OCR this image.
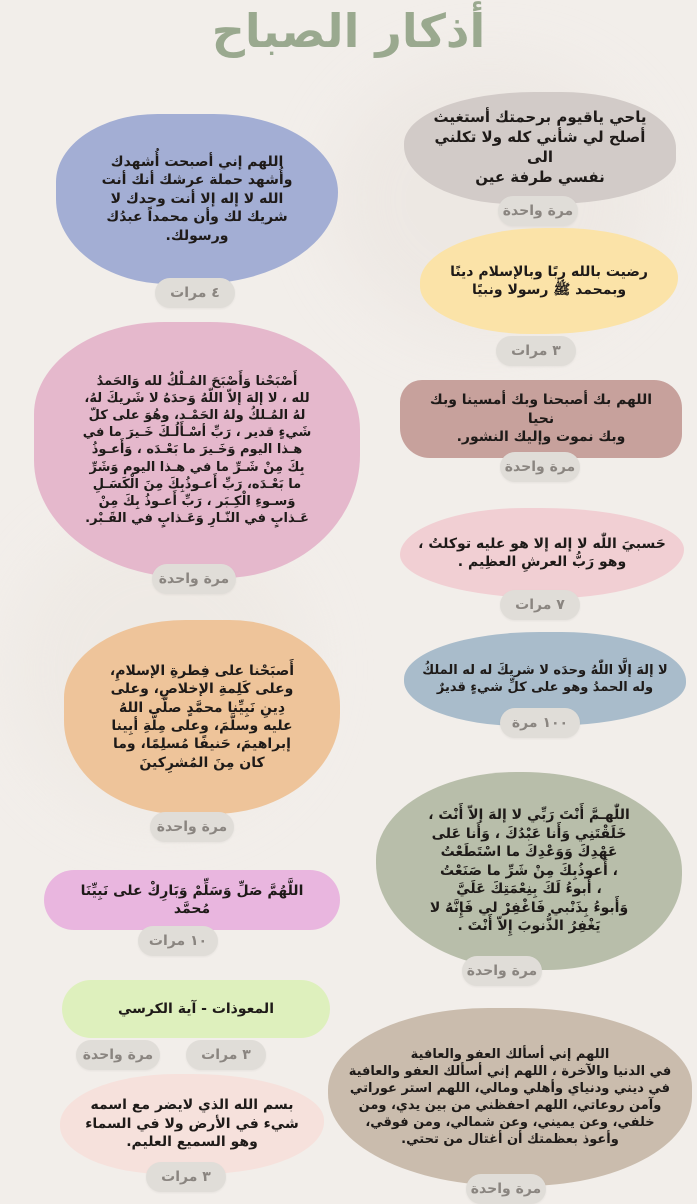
أذكار الصباح
ياحي ياقيوم برحمتك أستغيث
أصلح لي شأني كله ولا تكلني الى
نفسي طرفة عين
مرة واحدة
رضيت بالله ربًا وبالإسلام دينًا
وبمحمد ﷺ رسولا ونبيًا
٣ مرات
اللهم بك أصبحنا وبك أمسينا وبك نحيا
وبك نموت وإليك النشور.
مرة واحدة
حَسبيَ اللّٰه لا إله إلا هو عليه توكلتُ ،
وهو رَبُّ العرشِ العظِيم .
٧ مرات
لا إلهَ إلَّا اللّٰهُ وحدَه لا شريكَ له له الملكُ
وله الحمدُ وهو على كلِّ شيءٍ قديرٌ
١٠٠ مرة
اللّٰهـمَّ أَنْتَ رَبِّي لا إلهَ إلاّ أَنْتَ ،
خَلَقْتَنِي وَأَنا عَبْدُكَ ، وَأَنا عَلى
عَهْدِكَ وَوَعْدِكَ ما اسْتَطَعْتُ
، أَعوذُبِكَ مِنْ شَرِّ ما صَنَعْتُ
، أَبوءُ لَكَ بِنِعْمَتِكَ عَلَيَّ
وَأَبوءُ بِذَنْبي فَاغْفِرْ لي فَإِنَّهُ لا
يَغْفِرُ الذُّنوبَ إِلاّ أَنْتَ .
مرة واحدة
اللهم إني أسألك العفو والعافية
في الدنيا والآخرة ، اللهم إني أسألك العفو والعافية
في ديني ودنياي وأهلي ومالي، اللهم استر عوراتي
وآمن روعاتي، اللهم احفظني من بين يدي، ومن
خلفي، وعن يميني، وعن شمالي، ومن فوقي،
وأعوذ بعظمتك أن أغتال من تحتي.
مرة واحدة
اللهم إني أصبحت أُشهدك
وأُشهد حملة عرشك أنك أنت
الله لا إله إلا أنت وحدك لا
شريك لك وأن محمداً عبدُك
ورسولك.
٤ مرات
أَصْبَحْنا وَأَصْبَحَ المُـلْكُ لله وَالحَمدُ
لله ، لا إلهَ إلاّ اللّهُ وَحدَهُ لا شَريكَ لهُ،
لهُ المُـلكُ ولهُ الحَمْـد، وهُوَ على كلّ
شَيءٍ قدير ، رَبِّ أسْـأَلُـكَ خَـيرَ ما في
هـذا اليوم وَخَـيرَ ما بَعْـدَه ، وَأَعـوذُ
بِكَ مِنْ شَـرِّ ما في هـذا اليوم وَشَرِّ
ما بَعْـدَه، رَبِّ أَعـوذُبِكَ مِنَ الْكَسَـلِ
وَسـوءِ الْكِـبَر ، رَبِّ أَعـوذُ بِكَ مِنْ
عَـذابٍ في النّـارِ وَعَـذابٍ في القَـبْر.
مرة واحدة
أَصبَحْنا على فِطرةِ الإسلامِ،
وعلى كَلِمةِ الإخلاصِ، وعلى
دِينِ نَبِيِّنا محمَّدٍ صلَّى اللهُ
عليه وسلَّمَ، وعلى مِلَّةِ أبِينا
إبراهيمَ، حَنيفًا مُسلِمًا، وما
كان مِنَ المُشرِكينَ
مرة واحدة
اللَّهُمَّ صَلِّ وَسَلِّمْ وَبَارِكْ على نَبِيِّنَا مُحمَّد
١٠ مرات
المعوذات - آية الكرسي
٣ مرات
مرة واحدة
بسم الله الذي لايضر مع اسمه
شيء في الأرض ولا في السماء
وهو السميع العليم.
٣ مرات
